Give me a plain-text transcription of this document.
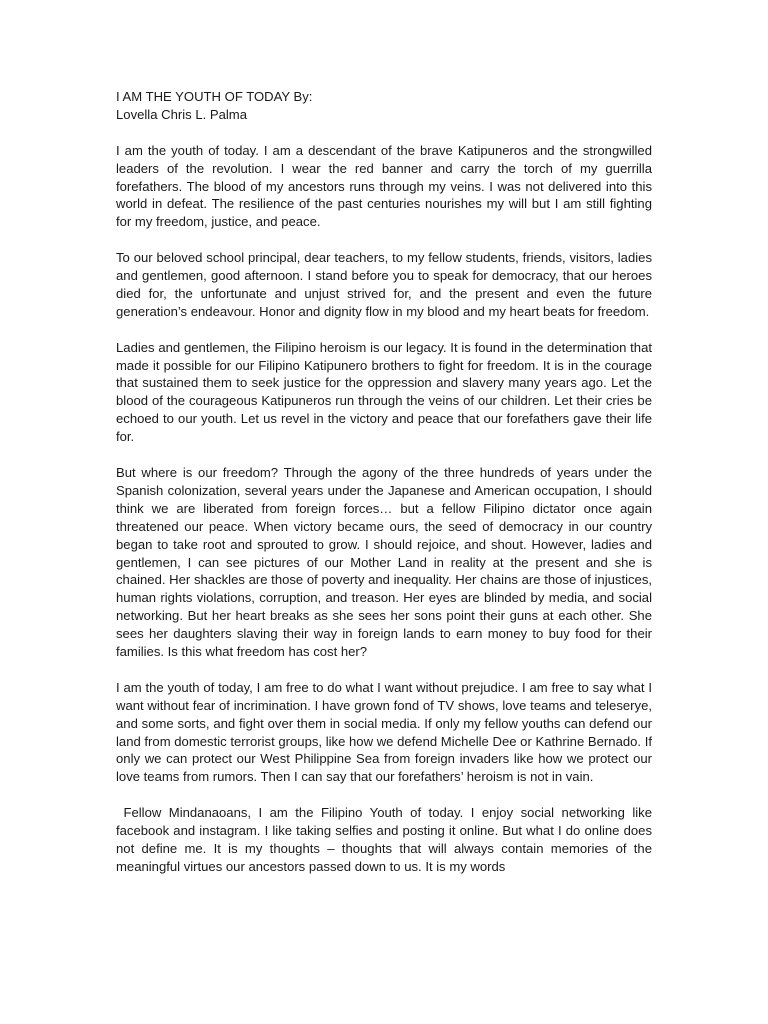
I AM THE YOUTH OF TODAY By:
Lovella Chris L. Palma

I am the youth of today. I am a descendant of the brave Katipuneros and the strongwilled leaders of the revolution. I wear the red banner and carry the torch of my guerrilla forefathers. The blood of my ancestors runs through my veins. I was not delivered into this world in defeat. The resilience of the past centuries nourishes my will but I am still fighting for my freedom, justice, and peace.

To our beloved school principal, dear teachers, to my fellow students, friends, visitors, ladies and gentlemen, good afternoon. I stand before you to speak for democracy, that our heroes died for, the unfortunate and unjust strived for, and the present and even the future generation’s endeavour. Honor and dignity flow in my blood and my heart beats for freedom.

Ladies and gentlemen, the Filipino heroism is our legacy. It is found in the determination that made it possible for our Filipino Katipunero brothers to fight for freedom. It is in the courage that sustained them to seek justice for the oppression and slavery many years ago. Let the blood of the courageous Katipuneros run through the veins of our children. Let their cries be echoed to our youth. Let us revel in the victory and peace that our forefathers gave their life for.

But where is our freedom? Through the agony of the three hundreds of years under the Spanish colonization, several years under the Japanese and American occupation, I should think we are liberated from foreign forces… but a fellow Filipino dictator once again threatened our peace. When victory became ours, the seed of democracy in our country began to take root and sprouted to grow. I should rejoice, and shout. However, ladies and gentlemen, I can see pictures of our Mother Land in reality at the present and she is chained. Her shackles are those of poverty and inequality. Her chains are those of injustices, human rights violations, corruption, and treason. Her eyes are blinded by media, and social networking. But her heart breaks as she sees her sons point their guns at each other. She sees her daughters slaving their way in foreign lands to earn money to buy food for their families. Is this what freedom has cost her?

I am the youth of today, I am free to do what I want without prejudice. I am free to say what I want without fear of incrimination. I have grown fond of TV shows, love teams and teleserye, and some sorts, and fight over them in social media. If only my fellow youths can defend our land from domestic terrorist groups, like how we defend Michelle Dee or Kathrine Bernado. If only we can protect our West Philippine Sea from foreign invaders like how we protect our love teams from rumors. Then I can say that our forefathers’ heroism is not in vain.

Fellow Mindanaoans, I am the Filipino Youth of today. I enjoy social networking like facebook and instagram. I like taking selfies and posting it online. But what I do online does not define me. It is my thoughts – thoughts that will always contain memories of the meaningful virtues our ancestors passed down to us. It is my words
